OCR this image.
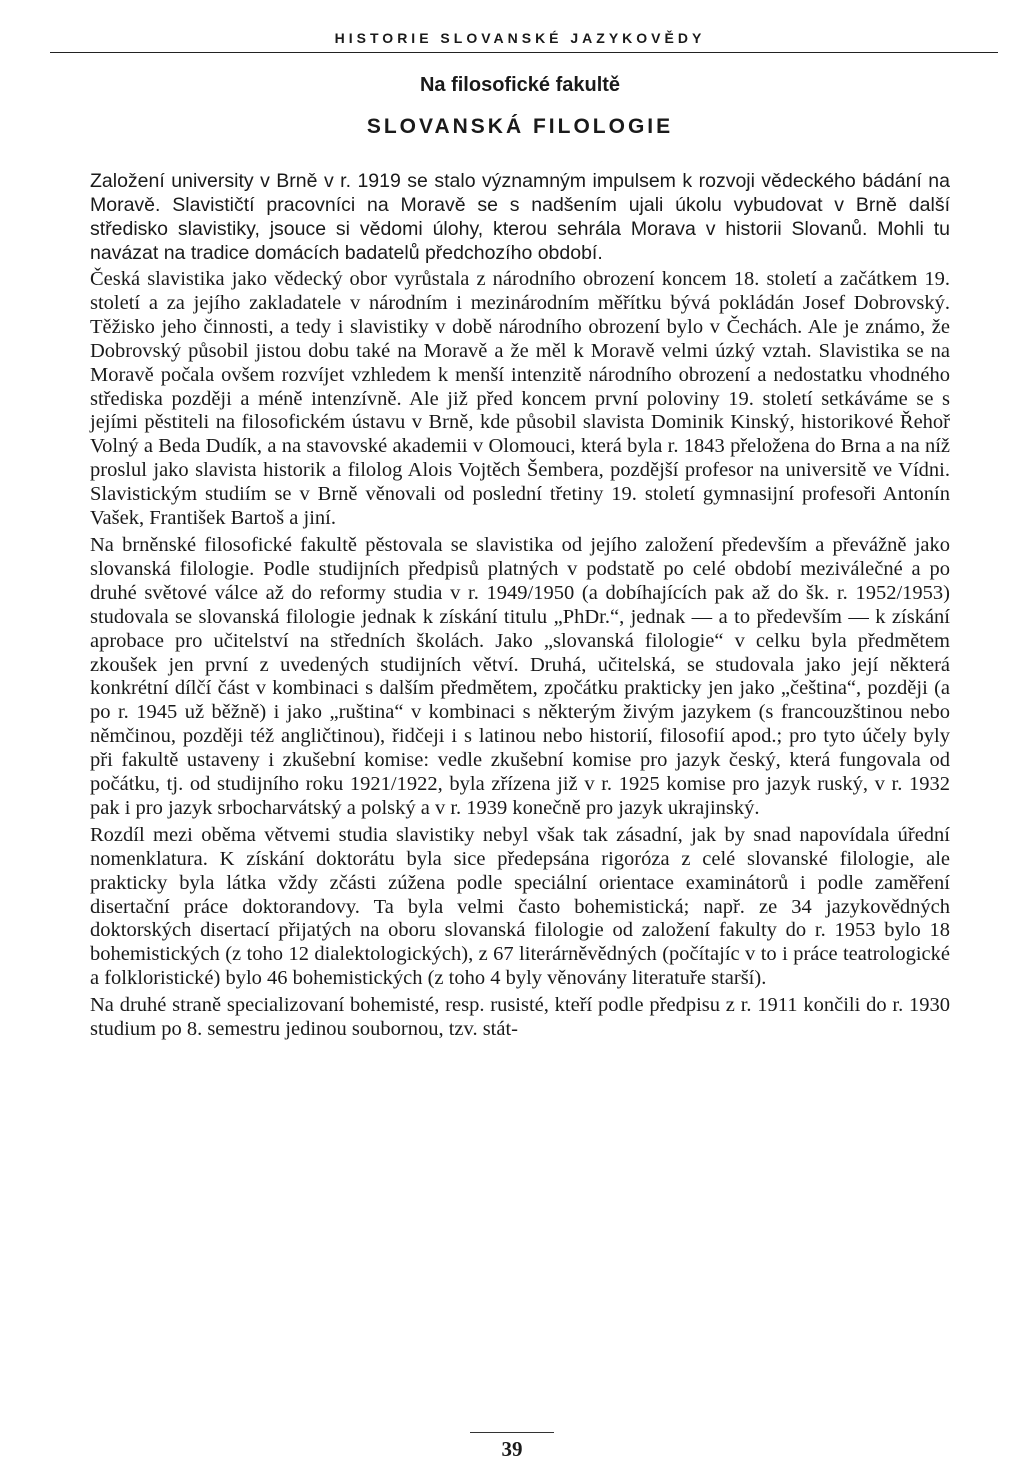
HISTORIE SLOVANSKÉ JAZYKOVĚDY
Na filosofické fakultě
SLOVANSKÁ FILOLOGIE

Založení university v Brně v r. 1919 se stalo významným impulsem k rozvoji vědeckého bádání na Moravě. Slavističtí pracovníci na Moravě se s nadšením ujali úkolu vybudovat v Brně další středisko slavistiky, jsouce si vědomi úlohy, kterou sehrála Morava v historii Slovanů. Mohli tu navázat na tradice domácích badatelů předchozího období.

Česká slavistika jako vědecký obor vyrůstala z národního obrození koncem 18. století a začátkem 19. století a za jejího zakladatele v národním i mezinárodním měřítku bývá pokládán Josef Dobrovský. Těžisko jeho činnosti, a tedy i slavistiky v době národního obrození bylo v Čechách. Ale je známo, že Dobrovský působil jistou dobu také na Moravě a že měl k Moravě velmi úzký vztah. Slavistika se na Moravě počala ovšem rozvíjet vzhledem k menší intenzitě národního obrození a nedostatku vhodného střediska později a méně intenzívně. Ale již před koncem první poloviny 19. století setkáváme se s jejími pěstiteli na filosofickém ústavu v Brně, kde působil slavista Dominik Kinský, historikové Řehoř Volný a Beda Dudík, a na stavovské akademii v Olomouci, která byla r. 1843 přeložena do Brna a na níž proslul jako slavista historik a filolog Alois Vojtěch Šembera, pozdější profesor na universitě ve Vídni. Slavistickým studiím se v Brně věnovali od poslední třetiny 19. století gymnasijní profesoři Antonín Vašek, František Bartoš a jiní.

Na brněnské filosofické fakultě pěstovala se slavistika od jejího založení především a převážně jako slovanská filologie. Podle studijních předpisů platných v podstatě po celé období meziválečné a po druhé světové válce až do reformy studia v r. 1949/1950 (a dobíhajících pak až do šk. r. 1952/1953) studovala se slovanská filologie jednak k získání titulu „PhDr.“, jednak — a to především — k získání aprobace pro učitelství na středních školách. Jako „slovanská filologie“ v celku byla předmětem zkoušek jen první z uvedených studijních větví. Druhá, učitelská, se studovala jako její některá konkrétní dílčí část v kombinaci s dalším předmětem, zpočátku prakticky jen jako „čeština“, později (a po r. 1945 už běžně) i jako „ruština“ v kombinaci s některým živým jazykem (s francouzštinou nebo němčinou, později též angličtinou), řidčeji i s latinou nebo historií, filosofií apod.; pro tyto účely byly při fakultě ustaveny i zkušební komise: vedle zkušební komise pro jazyk český, která fungovala od počátku, tj. od studijního roku 1921/1922, byla zřízena již v r. 1925 komise pro jazyk ruský, v r. 1932 pak i pro jazyk srbocharvátský a polský a v r. 1939 konečně pro jazyk ukrajinský.

Rozdíl mezi oběma větvemi studia slavistiky nebyl však tak zásadní, jak by snad napovídala úřední nomenklatura. K získání doktorátu byla sice předepsána rigoróza z celé slovanské filologie, ale prakticky byla látka vždy zčásti zúžena podle speciální orientace examinátorů i podle zaměření disertační práce doktorandovy. Ta byla velmi často bohemistická; např. ze 34 jazykovědných doktorských disertací přijatých na oboru slovanská filologie od založení fakulty do r. 1953 bylo 18 bohemistických (z toho 12 dialektologických), z 67 literárněvědných (počítajíc v to i práce teatrologické a folkloristické) bylo 46 bohemistických (z toho 4 byly věnovány literatuře starší).

Na druhé straně specializovaní bohemisté, resp. rusisté, kteří podle předpisu z r. 1911 končili do r. 1930 studium po 8. semestru jedinou soubornou, tzv. stát-

39
